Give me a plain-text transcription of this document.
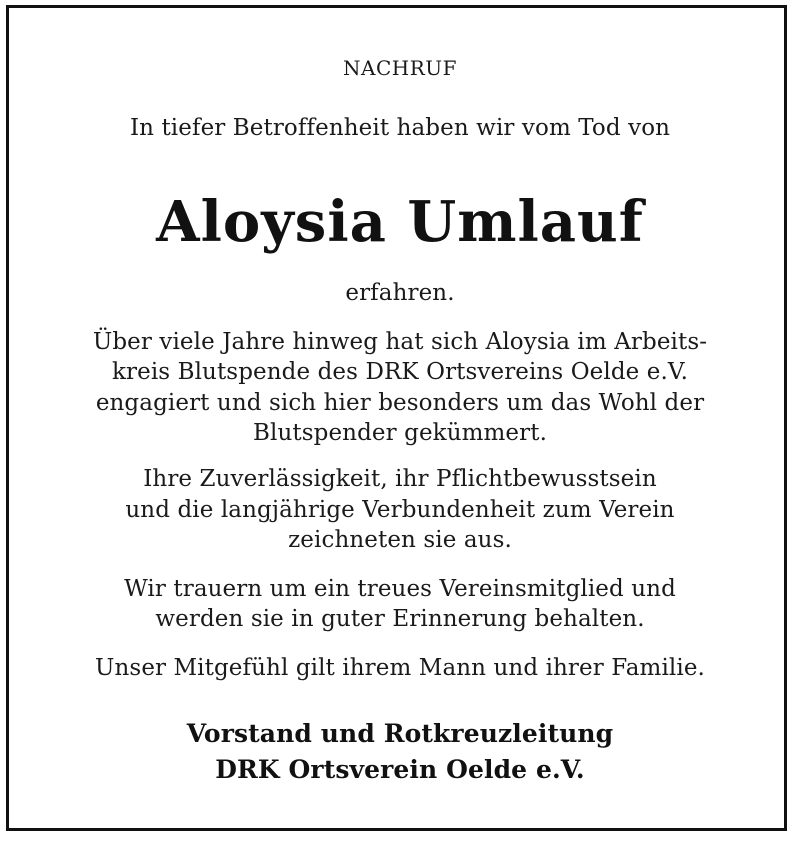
NACHRUF
In tiefer Betroffenheit haben wir vom Tod von
Aloysia Umlauf
erfahren.
Über viele Jahre hinweg hat sich Aloysia im Arbeits-
kreis Blutspende des DRK Ortsvereins Oelde e.V.
engagiert und sich hier besonders um das Wohl der
Blutspender gekümmert.
Ihre Zuverlässigkeit, ihr Pflichtbewusstsein
und die langjährige Verbundenheit zum Verein
zeichneten sie aus.
Wir trauern um ein treues Vereinsmitglied und
werden sie in guter Erinnerung behalten.
Unser Mitgefühl gilt ihrem Mann und ihrer Familie.
Vorstand und Rotkreuzleitung
DRK Ortsverein Oelde e.V.
